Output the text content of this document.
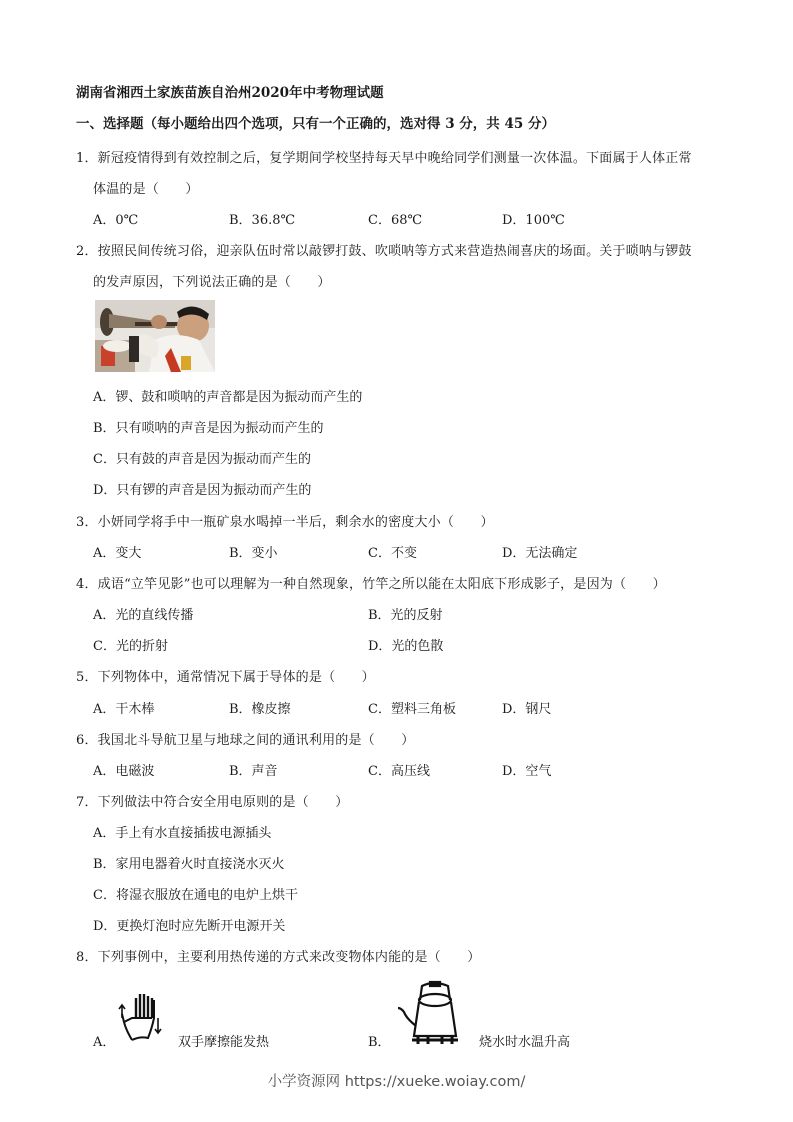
湖南省湘西土家族苗族自治州2020年中考物理试题
一、选择题（每小题给出四个选项，只有一个正确的，选对得 3 分，共 45 分）
1．新冠疫情得到有效控制之后，复学期间学校坚持每天早中晚给同学们测量一次体温。下面属于人体正常
体温的是（　　）
A．0℃	B．36.8℃	C．68℃	D．100℃
2．按照民间传统习俗，迎亲队伍时常以敲锣打鼓、吹唢呐等方式来营造热闹喜庆的场面。关于唢呐与锣鼓
的发声原因，下列说法正确的是（　　）
A．锣、鼓和唢呐的声音都是因为振动而产生的
B．只有唢呐的声音是因为振动而产生的
C．只有鼓的声音是因为振动而产生的
D．只有锣的声音是因为振动而产生的
3．小妍同学将手中一瓶矿泉水喝掉一半后，剩余水的密度大小（　　）
A．变大	B．变小	C．不变	D．无法确定
4．成语“立竿见影”也可以理解为一种自然现象，竹竿之所以能在太阳底下形成影子，是因为（　　）
A．光的直线传播	B．光的反射
C．光的折射	D．光的色散
5．下列物体中，通常情况下属于导体的是（　　）
A．干木棒	B．橡皮擦	C．塑料三角板	D．钢尺
6．我国北斗导航卫星与地球之间的通讯利用的是（　　）
A．电磁波	B．声音	C．高压线	D．空气
7．下列做法中符合安全用电原则的是（　　）
A．手上有水直接插拔电源插头
B．家用电器着火时直接浇水灭火
C．将湿衣服放在通电的电炉上烘干
D．更换灯泡时应先断开电源开关
8．下列事例中，主要利用热传递的方式来改变物体内能的是（　　）
A．	双手摩擦能发热	B．	烧水时水温升高
小学资源网 https://xueke.woiay.com/
